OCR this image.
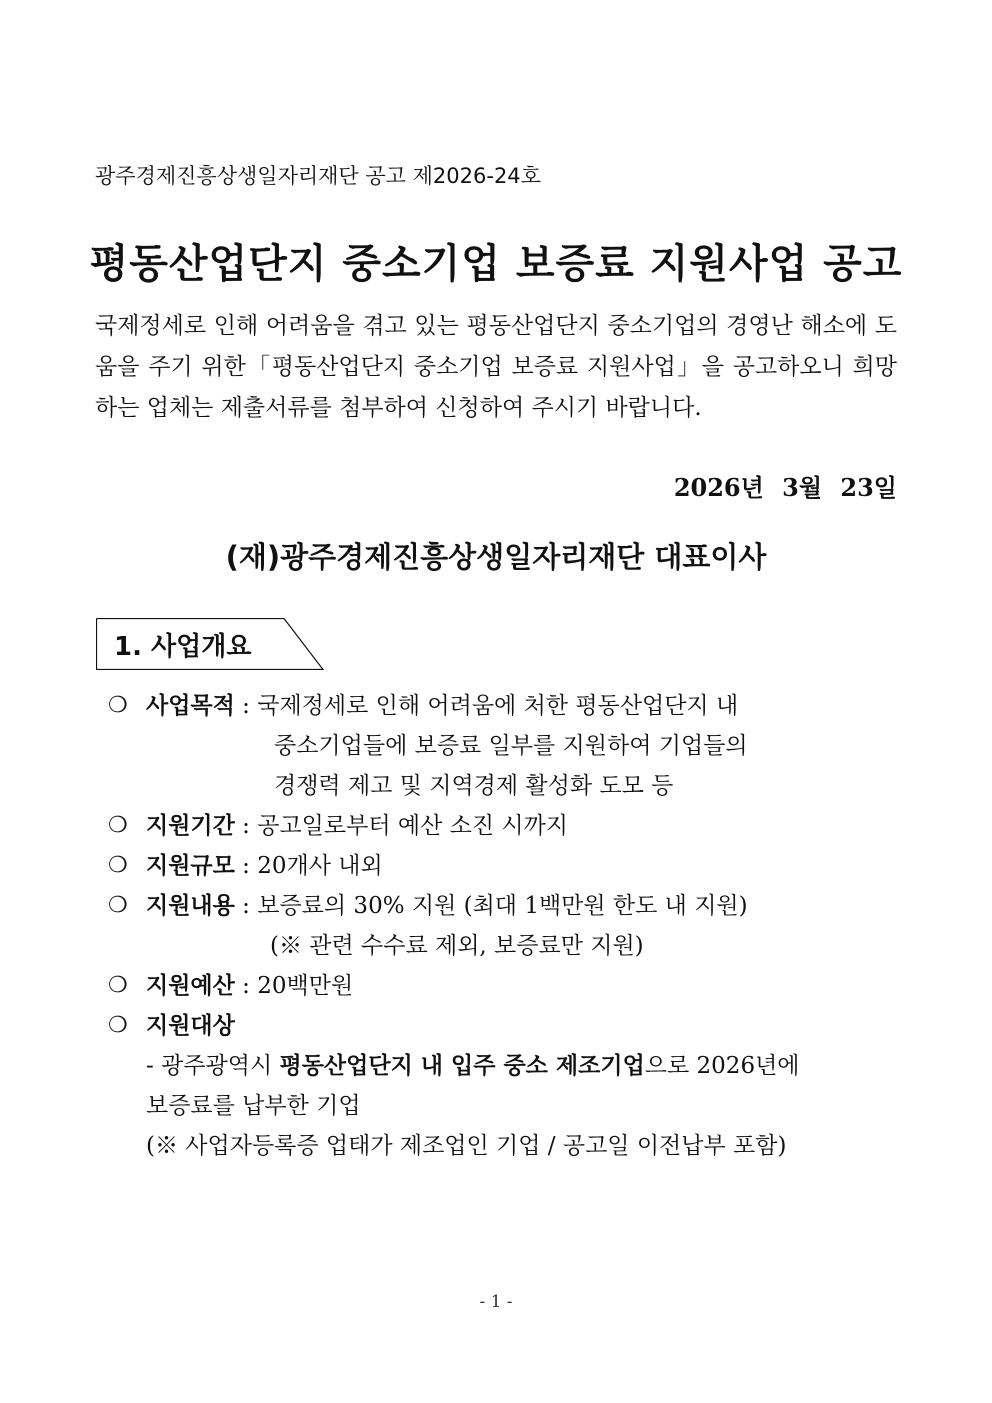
광주경제진흥상생일자리재단 공고 제2026-24호
평동산업단지 중소기업 보증료 지원사업 공고
국제정세로 인해 어려움을 겪고 있는 평동산업단지 중소기업의 경영난 해소에 도움을 주기 위한「평동산업단지 중소기업 보증료 지원사업」을 공고하오니 희망하는 업체는 제출서류를 첨부하여 신청하여 주시기 바랍니다.
2026년 3월 23일
(재)광주경제진흥상생일자리재단 대표이사
1. 사업개요
❍ 사업목적 : 국제정세로 인해 어려움에 처한 평동산업단지 내
중소기업들에 보증료 일부를 지원하여 기업들의
경쟁력 제고 및 지역경제 활성화 도모 등
❍ 지원기간 : 공고일로부터 예산 소진 시까지
❍ 지원규모 : 20개사 내외
❍ 지원내용 : 보증료의 30% 지원 (최대 1백만원 한도 내 지원)
(※ 관련 수수료 제외, 보증료만 지원)
❍ 지원예산 : 20백만원
❍ 지원대상
- 광주광역시 평동산업단지 내 입주 중소 제조기업으로 2026년에
보증료를 납부한 기업
(※ 사업자등록증 업태가 제조업인 기업 / 공고일 이전납부 포함)
- 1 -
